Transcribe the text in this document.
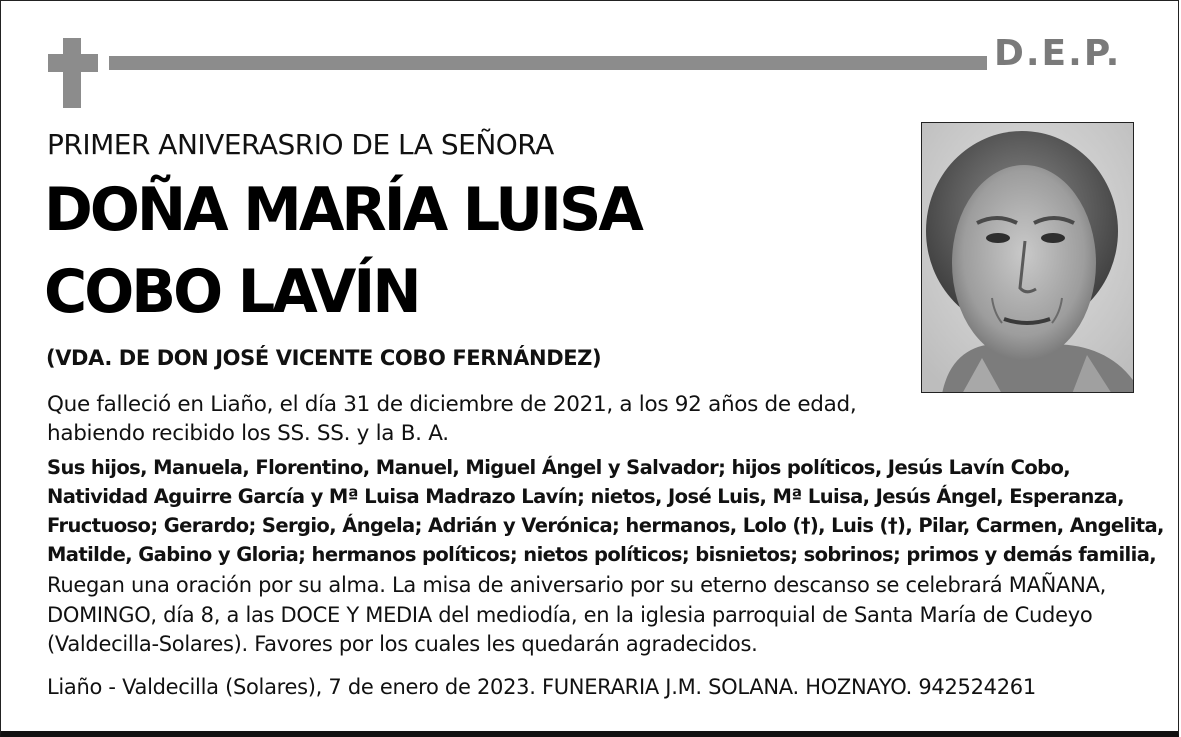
D.E.P.
PRIMER ANIVERASRIO DE LA SEÑORA
DOÑA MARÍA LUISA
COBO LAVÍN
(VDA. DE DON JOSÉ VICENTE COBO FERNÁNDEZ)
Que falleció en Liaño, el día 31 de diciembre de 2021, a los 92 años de edad,
habiendo recibido los SS. SS. y la B. A.
Sus hijos, Manuela, Florentino, Manuel, Miguel Ángel y Salvador; hijos políticos, Jesús Lavín Cobo,
Natividad Aguirre García y Mª Luisa Madrazo Lavín; nietos, José Luis, Mª Luisa, Jesús Ángel, Esperanza,
Fructuoso; Gerardo; Sergio, Ángela; Adrián y Verónica; hermanos, Lolo (†), Luis (†), Pilar, Carmen, Angelita,
Matilde, Gabino y Gloria; hermanos políticos; nietos políticos; bisnietos; sobrinos; primos y demás familia,
Ruegan una oración por su alma. La misa de aniversario por su eterno descanso se celebrará MAÑANA,
DOMINGO, día 8, a las DOCE Y MEDIA del mediodía, en la iglesia parroquial de Santa María de Cudeyo
(Valdecilla-Solares). Favores por los cuales les quedarán agradecidos.
Liaño - Valdecilla (Solares), 7 de enero de 2023. FUNERARIA J.M. SOLANA. HOZNAYO. 942524261
